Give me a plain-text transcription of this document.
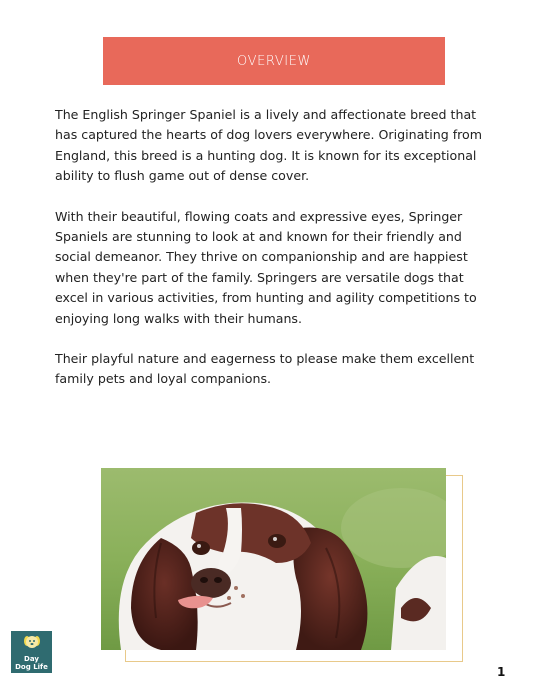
OVERVIEW

The English Springer Spaniel is a lively and affectionate breed that has captured the hearts of dog lovers everywhere. Originating from England, this breed is a hunting dog. It is known for its exceptional ability to flush game out of dense cover.

With their beautiful, flowing coats and expressive eyes, Springer Spaniels are stunning to look at and known for their friendly and social demeanor. They thrive on companionship and are happiest when they're part of the family. Springers are versatile dogs that excel in various activities, from hunting and agility competitions to enjoying long walks with their humans.

Their playful nature and eagerness to please make them excellent family pets and loyal companions.

Day
Dog Life	1
